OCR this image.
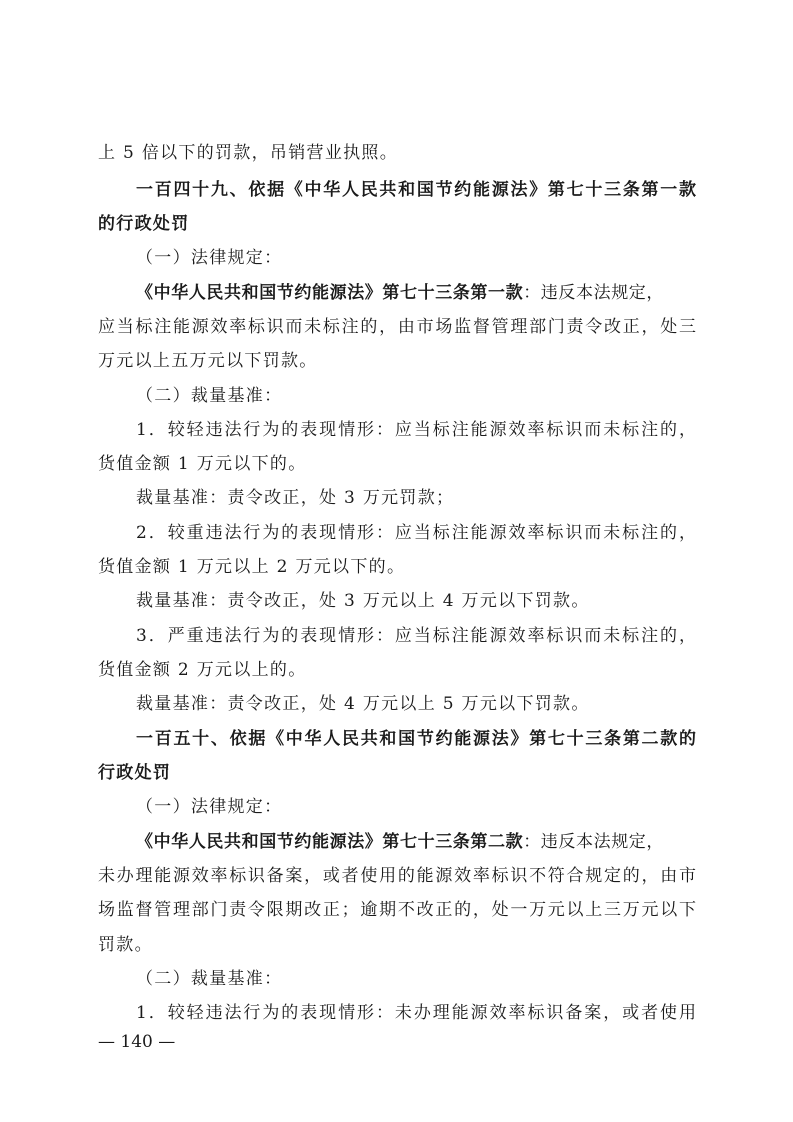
上 5 倍以下的罚款，吊销营业执照。
一百四十九、依据《中华人民共和国节约能源法》第七十三条第一款
的行政处罚
（一）法律规定：
《中华人民共和国节约能源法》第七十三条第一款：违反本法规定，
应当标注能源效率标识而未标注的，由市场监督管理部门责令改正，处三
万元以上五万元以下罚款。
（二）裁量基准：
1．较轻违法行为的表现情形：应当标注能源效率标识而未标注的，
货值金额 1 万元以下的。
裁量基准：责令改正，处 3 万元罚款；
2．较重违法行为的表现情形：应当标注能源效率标识而未标注的，
货值金额 1 万元以上 2 万元以下的。
裁量基准：责令改正，处 3 万元以上 4 万元以下罚款。
3．严重违法行为的表现情形：应当标注能源效率标识而未标注的，
货值金额 2 万元以上的。
裁量基准：责令改正，处 4 万元以上 5 万元以下罚款。
一百五十、依据《中华人民共和国节约能源法》第七十三条第二款的
行政处罚
（一）法律规定：
《中华人民共和国节约能源法》第七十三条第二款：违反本法规定，
未办理能源效率标识备案，或者使用的能源效率标识不符合规定的，由市
场监督管理部门责令限期改正；逾期不改正的，处一万元以上三万元以下
罚款。
（二）裁量基准：
1．较轻违法行为的表现情形：未办理能源效率标识备案，或者使用
— 140 —
